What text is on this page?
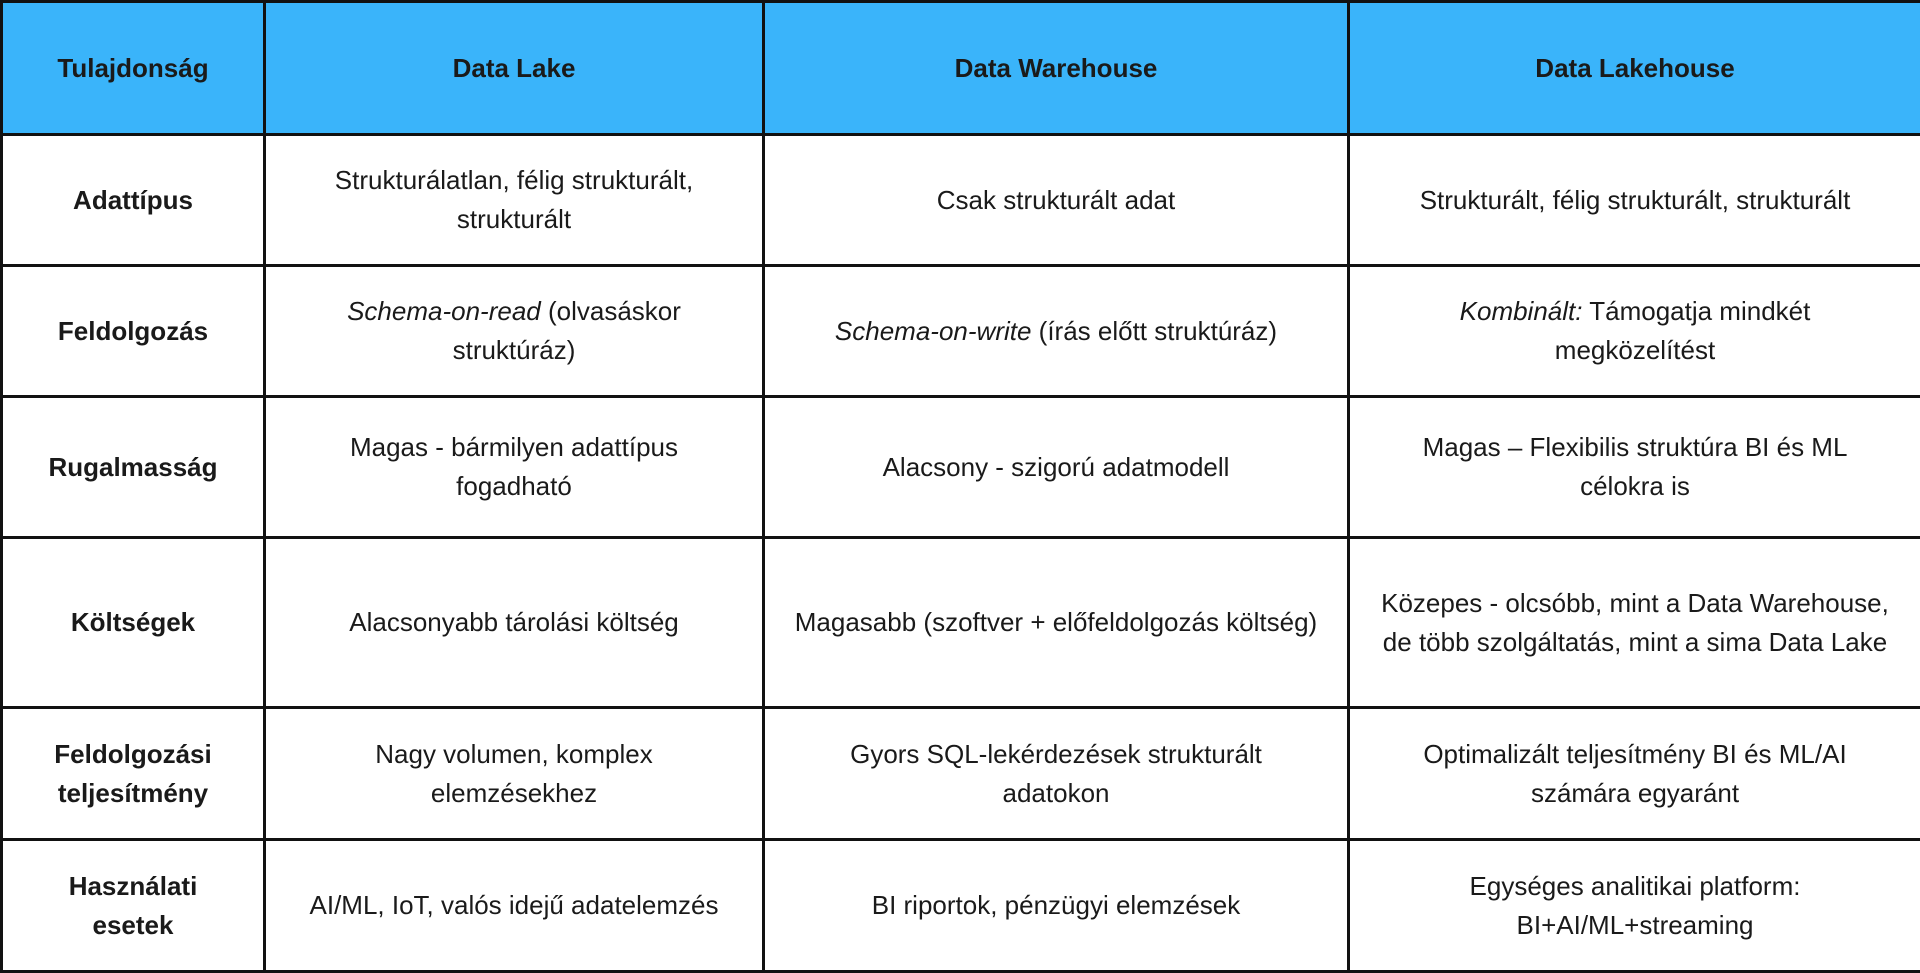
Tulajdonság	Data Lake	Data Warehouse	Data Lakehouse
Adattípus	Strukturálatlan, félig strukturált, strukturált	Csak strukturált adat	Strukturált, félig strukturált, strukturált
Feldolgozás	Schema-on-read (olvasáskor struktúráz)	Schema-on-write (írás előtt struktúráz)	Kombinált: Támogatja mindkét megközelítést
Rugalmasság	Magas - bármilyen adattípus fogadható	Alacsony - szigorú adatmodell	Magas – Flexibilis struktúra BI és ML célokra is
Költségek	Alacsonyabb tárolási költség	Magasabb (szoftver + előfeldolgozás költség)	Közepes - olcsóbb, mint a Data Warehouse, de több szolgáltatás, mint a sima Data Lake
Feldolgozási teljesítmény	Nagy volumen, komplex elemzésekhez	Gyors SQL-lekérdezések strukturált adatokon	Optimalizált teljesítmény BI és ML/AI számára egyaránt
Használati esetek	AI/ML, IoT, valós idejű adatelemzés	BI riportok, pénzügyi elemzések	Egységes analitikai platform: BI+AI/ML+streaming
